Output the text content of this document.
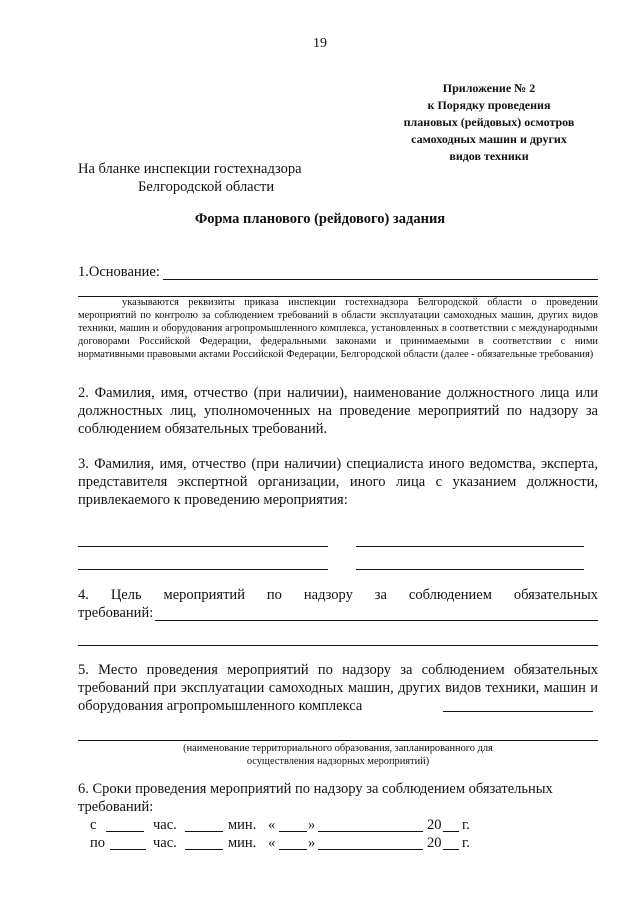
19
Приложение № 2
к Порядку проведения
плановых (рейдовых) осмотров
самоходных машин и других
видов техники
На бланке инспекции гостехнадзора
Белгородской области
Форма планового (рейдового) задания
1.Основание:
указываются реквизиты приказа инспекции гостехнадзора Белгородской области о проведении мероприятий по контролю за соблюдением требований в области эксплуатации самоходных машин, других видов техники, машин и оборудования агропромышленного комплекса, установленных в соответствии с международными договорами Российской Федерации, федеральными законами и принимаемыми в соответствии с ними нормативными правовыми актами Российской Федерации, Белгородской области (далее - обязательные требования)
2. Фамилия, имя, отчество (при наличии), наименование должностного лица или должностных лиц, уполномоченных на проведение мероприятий по надзору за соблюдением обязательных требований.
3. Фамилия, имя, отчество (при наличии) специалиста иного ведомства, эксперта, представителя экспертной организации, иного лица с указанием должности, привлекаемого к проведению мероприятия:
4. Цель мероприятий по надзору за соблюдением обязательных
требований:
5. Место проведения мероприятий по надзору за соблюдением обязательных требований при эксплуатации самоходных машин, других видов техники, машин и оборудования агропромышленного комплекса
(наименование территориального образования, запланированного для
осуществления надзорных мероприятий)
6. Сроки проведения мероприятий по надзору за соблюдением обязательных
требований:
с	час.	мин. « »	20 г.
по	час.	мин. « »	20 г.
